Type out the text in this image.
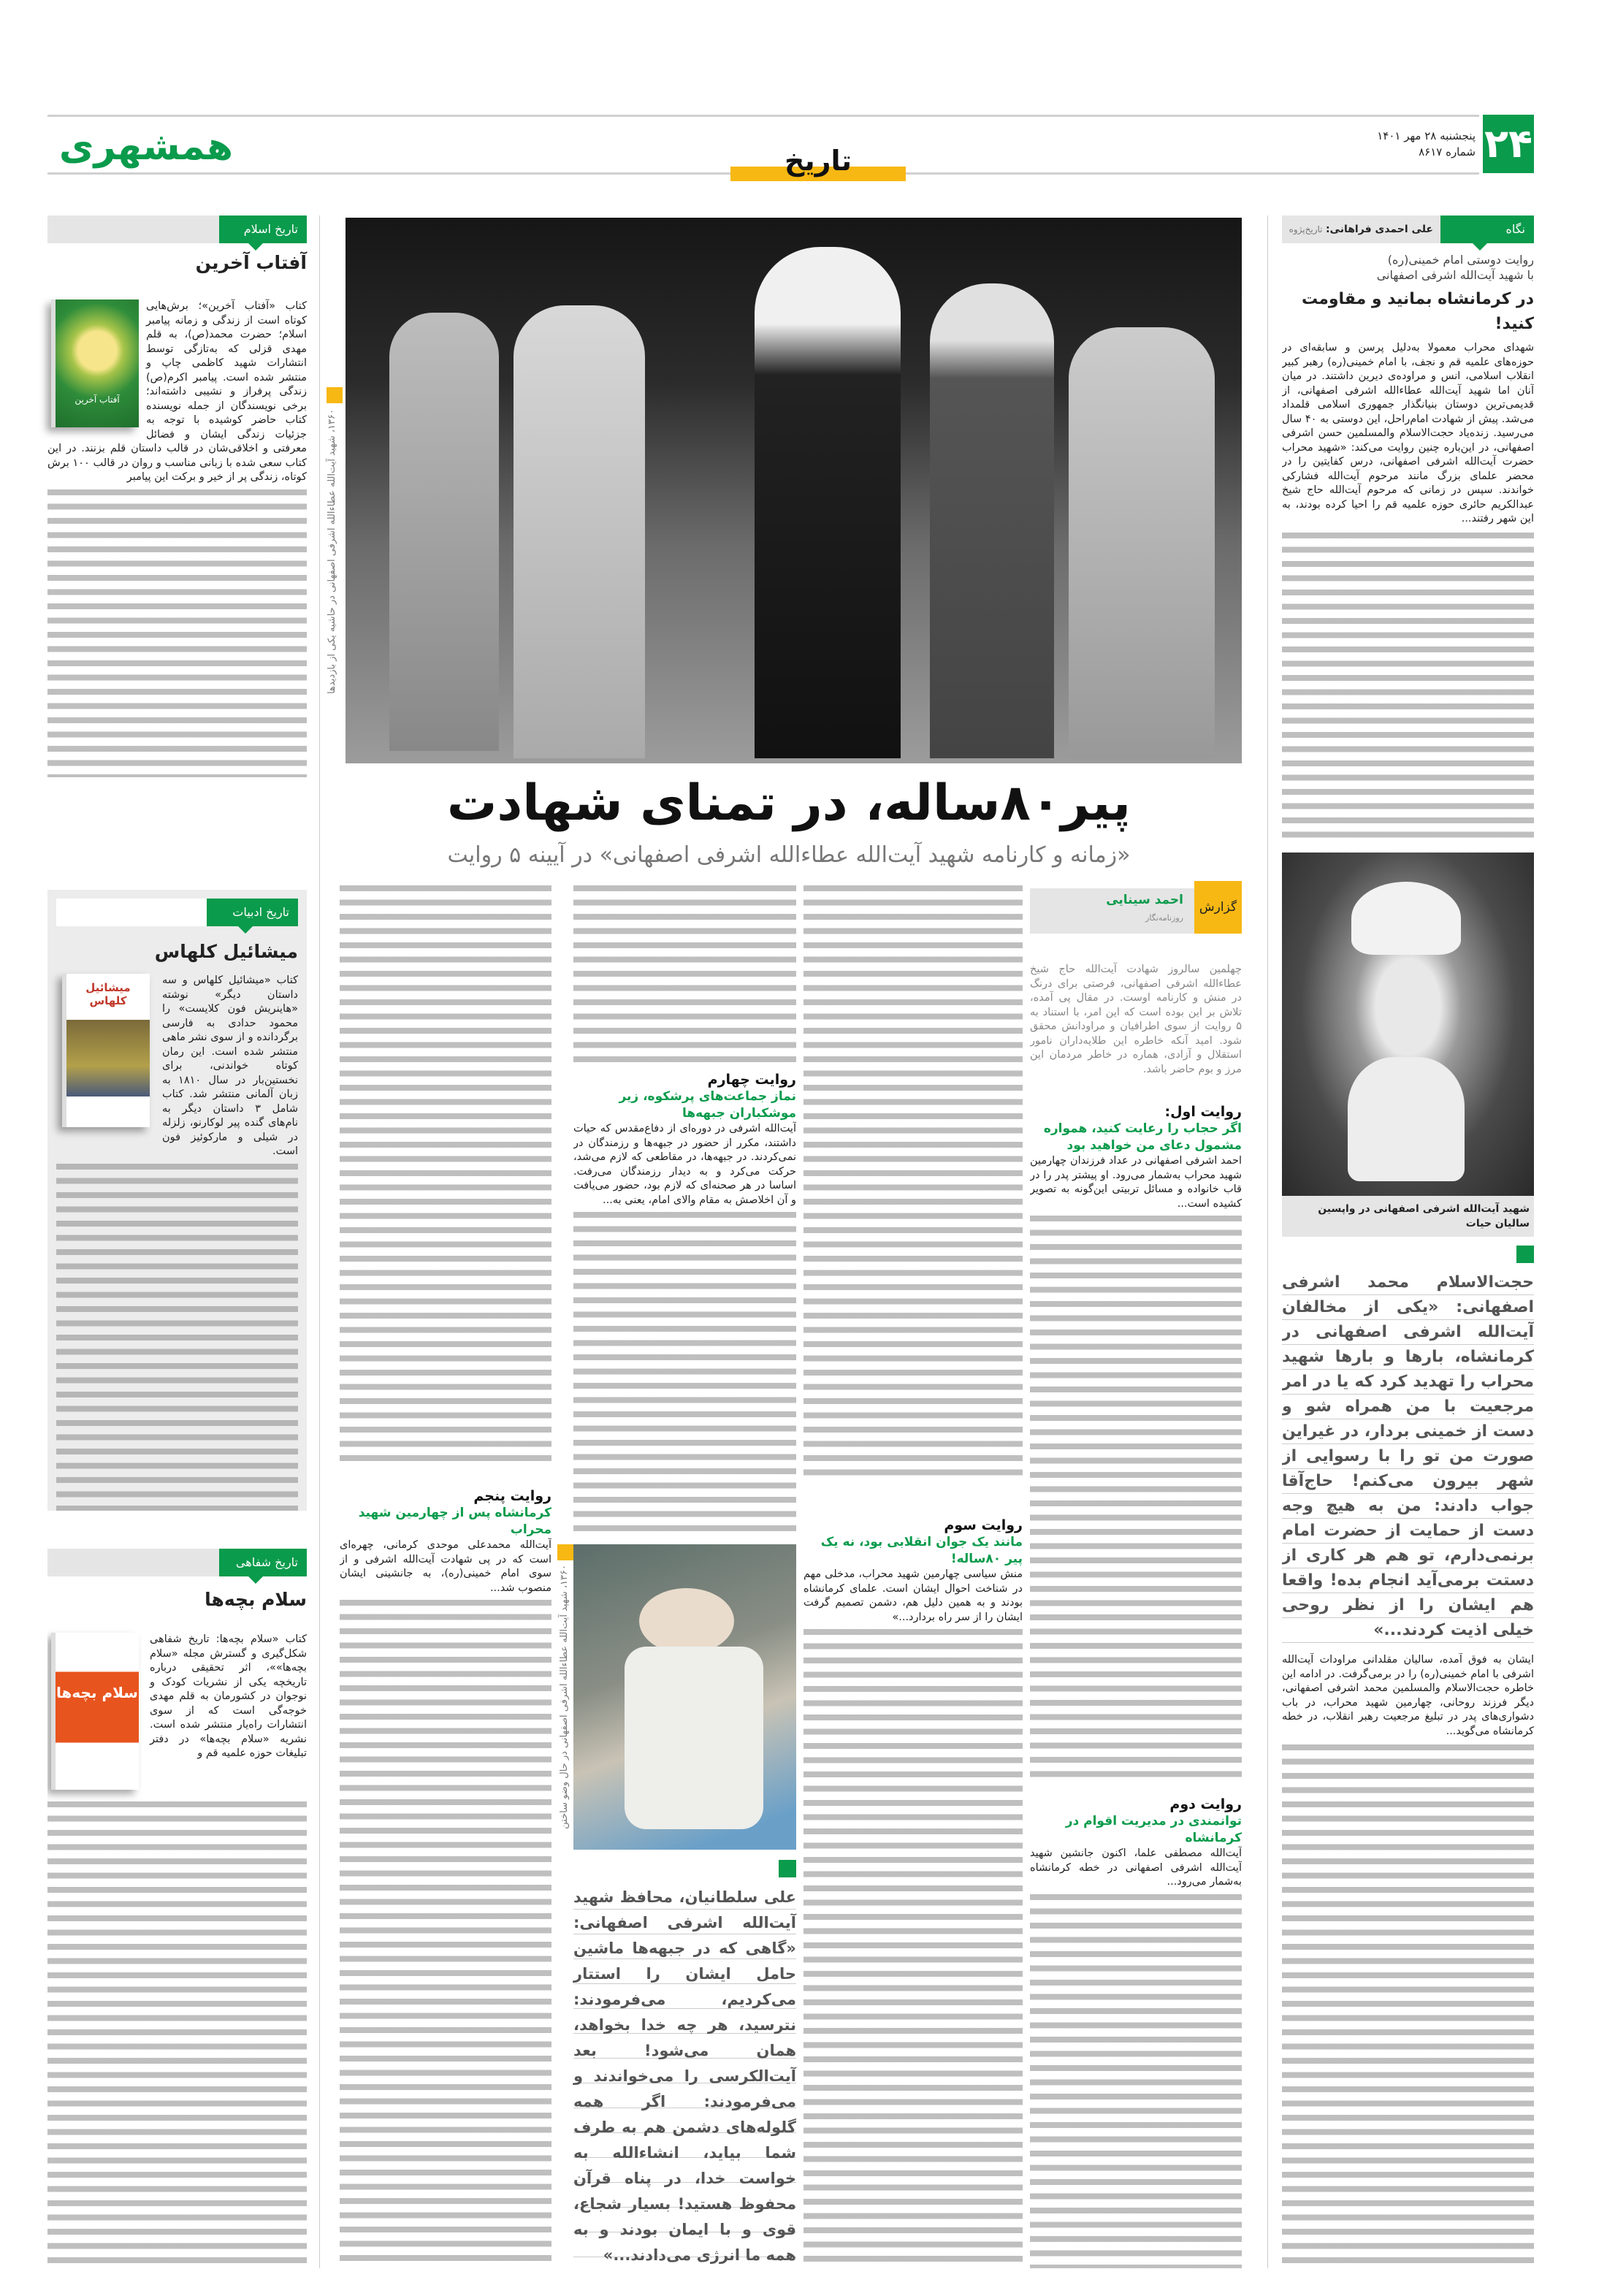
همشهری	۲۴
پنجشنبه ۲۸ مهر ۱۴۰۱
شماره ۸۶۱۷
تاریخ
نگاه
علی احمدی فراهانی: تاریخ‌پژوه
روایت دوستی امام خمینی(ره)
با شهید آیت‌الله اشرفی اصفهانی
در کرمانشاه بمانید و مقاومت کنید!
شهدای محراب معمولا به‌دلیل پرسن و سابقه‌ای در حوزه‌های علمیه قم و نجف، با امام خمینی(ره) رهبر کبیر انقلاب اسلامی، انس و مراوده‌ی دیرین داشتند. در میان آنان اما شهید آیت‌الله عطاءالله اشرفی اصفهانی، از قدیمی‌ترین دوستان بنیانگذار جمهوری اسلامی قلمداد می‌شد. پیش از شهادت امام‌راحل، این دوستی به ۴۰ سال می‌رسید. زنده‌یاد حجت‌الاسلام والمسلمین حسن اشرفی اصفهانی، در این‌باره چنین روایت می‌کند: «شهید محراب حضرت آیت‌الله اشرفی اصفهانی، درس کفایتین را در محضر علمای بزرگ مانند مرحوم آیت‌الله فشارکی خواندند. سپس در زمانی که مرحوم آیت‌الله حاج شیخ عبدالکریم حائری حوزه علمیه قم را احیا کرده بودند، به این شهر رفتند...
شهید آیت‌الله اشرفی اصفهانی در واپسین سالیان حیات
حجت‌الاسلام محمد اشرفی اصفهانی: «یکی از مخالفان آیت‌الله اشرفی اصفهانی در کرمانشاه، بارها و بارها شهید محراب را تهدید کرد که یا در امر مرجعیت با من همراه شو و دست از خمینی بردار، در غیراین صورت من تو را با رسوایی از شهر بیرون می‌کنم! حاج‌آقا جواب دادند: من به هیچ وجه دست از حمایت از حضرت امام برنمی‌دارم، تو هم هر کاری از دستت برمی‌آید انجام بده! واقعا هم ایشان را از نظر روحی خیلی اذیت کردند...»
ایشان به فوق آمده، سالیان مقلدانی مراودات آیت‌الله اشرفی با امام خمینی(ره) را در برمی‌گرفت. در ادامه این خاطره حجت‌الاسلام والمسلمین محمد اشرفی اصفهانی، دیگر فرزند روحانی، چهارمین شهید محراب، در باب دشواری‌های پدر در تبلیغ مرجعیت رهبر انقلاب، در خطه کرمانشاه می‌گوید...
۱۳۶۰، شهید آیت‌الله عطاءالله اشرفی اصفهانی در حاشیه یکی از بازدیدها
پیر۸۰ساله، در تمنای شهادت
«زمانه و کارنامه شهید آیت‌الله عطاءالله اشرفی اصفهانی» در آیینه ۵ روایت
گزارش
احمد سینایی
روزنامه‌نگار
چهلمین سالروز شهادت آیت‌الله حاج شیخ عطاءالله اشرفی اصفهانی، فرصتی برای درنگ در منش و کارنامه اوست. در مقال پی آمده، تلاش بر این بوده است که این امر، با استناد به ۵ روایت از سوی اطرافیان و مراودانش محقق شود. امید آنکه خاطره این طلایه‌داران نامور استقلال و آزادی، هماره در خاطر مردمان این مرز و بوم حاضر باشد.
روایت اول:
اگر حجاب را رعایت کنید، همواره مشمول دعای من خواهید بود
احمد اشرفی اصفهانی در عداد فرزندان چهارمین شهید محراب به‌شمار می‌رود. او پیشتر پدر را در قاب خانواده و مسائل تربیتی این‌گونه به تصویر کشیده است...
روایت دوم
توانمندی در مدیریت اقوام در کرمانشاه
آیت‌الله مصطفی علما، اکنون جانشین شهید آیت‌الله اشرفی اصفهانی در خطه کرمانشاه به‌شمار می‌رود...
روایت سوم
مانند یک جوان انقلابی بود، نه یک پیر ۸۰ساله!
منش سیاسی چهارمین شهید محراب، مدخلی مهم در شناخت احوال ایشان است. علمای کرمانشاه بودند و به همین دلیل هم، دشمن تصمیم گرفت ایشان را از سر راه بردارد...»
روایت چهارم
نماز جماعت‌های پرشکوه، زیر موشکباران جبهه‌ها
آیت‌الله اشرفی در دوره‌ای از دفاع‌مقدس که حیات داشتند، مکرر از حضور در جبهه‌ها و رزمندگان در نمی‌کردند. در جبهه‌ها، در مقاطعی که لازم می‌شد، حرکت می‌کرد و به دیدار رزمندگان می‌رفت. اساسا در هر صحنه‌ای که لازم بود، حضور می‌یافت و آن اخلاصش به مقام والای امام، یعنی به...
۱۳۶۰، شهید آیت‌الله عطاءالله اشرفی اصفهانی در حال وضو ساختن
علی سلطانیان، محافظ شهید آیت‌الله اشرفی اصفهانی: «گاهی که در جبهه‌ها ماشین حامل ایشان را استتار می‌کردیم، می‌فرمودند: نترسید، هر چه خدا بخواهد، همان می‌شود! بعد آیت‌الکرسی را می‌خواندند و می‌فرمودند: اگر همه گلوله‌های دشمن هم به طرف شما بیاید، انشاءالله به خواست خدا، در پناه قرآن محفوظ هستید! بسیار شجاع، قوی و با ایمان بودند و به همه ما انرژی می‌دادند...»
روایت پنجم
کرمانشاه پس از چهارمین شهید محراب
آیت‌الله محمدعلی موحدی کرمانی، چهره‌ای است که در پی شهادت آیت‌الله اشرفی و از سوی امام خمینی(ره)، به جانشینی ایشان منصوب شد...
تاریخ اسلام
آفتاب آخرین
آفتاب آخرین
کتاب «آفتاب آخرین»؛ برش‌هایی کوتاه است از زندگی و زمانه پیامبر اسلام؛ حضرت محمد(ص)، به قلم مهدی قزلی که به‌تازگی توسط انتشارات شهید کاظمی چاپ و منتشر شده است. پیامبر اکرم(ص) زندگی پرفراز و نشیبی داشته‌اند؛ برخی نویسندگان از جمله نویسنده کتاب حاضر کوشیده با توجه به جزئیات زندگی ایشان و فضائل معرفتی و اخلاقی‌شان در قالب داستان قلم بزنند. در این کتاب سعی شده با زبانی مناسب و روان در قالب ۱۰۰ برش کوتاه، زندگی پر از خیر و برکت این پیامبر
تاریخ ادبیات
میشائیل کلهاس
میشائیل کلهاس
کتاب «میشائیل کلهاس و سه داستان دیگر» نوشته «هاینریش فون کلایست» را محمود حدادی به فارسی برگردانده و از سوی نشر ماهی منتشر شده است. این رمان کوتاه خواندنی، برای نخستین‌بار در سال ۱۸۱۰ به زبان آلمانی منتشر شد. کتاب شامل ۳ داستان دیگر به نام‌های گنده پیر لوکارنو، زلزله در شیلی و مارکوئیز فون است.
تاریخ شفاهی
سلام بچه‌ها
سلام بچه‌ها
کتاب «سلام بچه‌ها: تاریخ شفاهی شکل‌گیری و گسترش مجله «سلام بچه‌ها»»، اثر تحقیقی درباره تاریخچه یکی از نشریات کودک و نوجوان در کشورمان به قلم مهدی خوجه‌گی است که از سوی انتشارات راه‌یار منتشر شده است. نشریه «سلام بچه‌ها» در دفتر تبلیغات حوزه علمیه قم و
